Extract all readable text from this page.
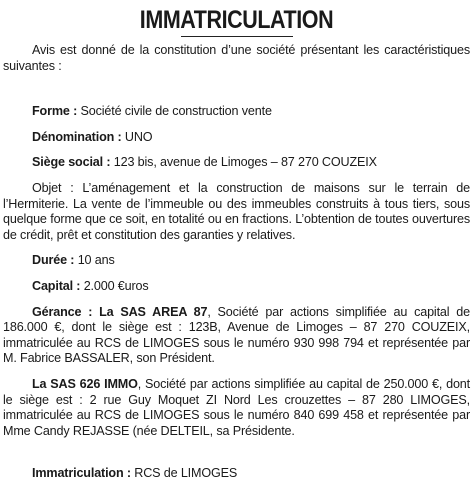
IMMATRICULATION

Avis est donné de la constitution d’une société présentant les caractéristiques suivantes :

Forme : Société civile de construction vente

Dénomination : UNO

Siège social : 123 bis, avenue de Limoges – 87 270 COUZEIX

Objet : L’aménagement et la construction de maisons sur le terrain de l’Hermiterie. La vente de l’immeuble ou des immeubles construits à tous tiers, sous quelque forme que ce soit, en totalité ou en fractions. L’obtention de toutes ouvertures de crédit, prêt et constitution des garanties y relatives.

Durée : 10 ans

Capital : 2.000 €uros

Gérance : La SAS AREA 87, Société par actions simplifiée au capital de 186.000 €, dont le siège est : 123B, Avenue de Limoges – 87 270 COUZEIX, immatriculée au RCS de LIMOGES sous le numéro 930 998 794 et représentée par M. Fabrice BASSALER, son Président.

La SAS 626 IMMO, Société par actions simplifiée au capital de 250.000 €, dont le siège est : 2 rue Guy Moquet ZI Nord Les crouzettes – 87 280 LIMOGES, immatriculée au RCS de LIMOGES sous le numéro 840 699 458 et représentée par Mme Candy REJASSE (née DELTEIL, sa Présidente.

Immatriculation : RCS de LIMOGES
